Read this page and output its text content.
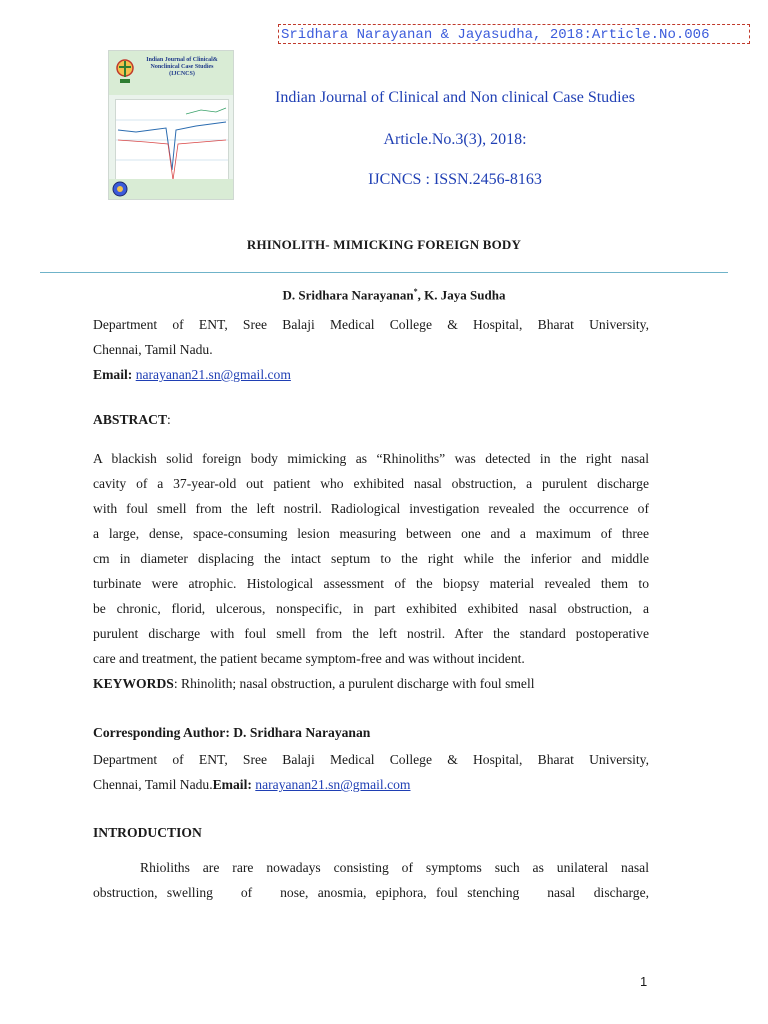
Sridhara Narayanan & Jayasudha, 2018:Article.No.006
Indian Journal of Clinical& Nonclinical Case Studies (IJCNCS)
Indian Journal of Clinical and Non clinical Case Studies
Article.No.3(3), 2018:
IJCNCS : ISSN.2456-8163
RHINOLITH- MIMICKING FOREIGN BODY
D. Sridhara Narayanan*, K. Jaya Sudha
Department of ENT, Sree Balaji Medical College & Hospital, Bharat University,
Chennai, Tamil Nadu.
Email: narayanan21.sn@gmail.com
ABSTRACT:
A blackish solid foreign body mimicking as “Rhinoliths” was detected in the right nasal
cavity of a 37-year-old out patient who exhibited nasal obstruction, a purulent discharge
with foul smell from the left nostril. Radiological investigation revealed the occurrence of
a large, dense, space-consuming lesion measuring between one and a maximum of three
cm in diameter displacing the intact septum to the right while the inferior and middle
turbinate were atrophic. Histological assessment of the biopsy material revealed them to
be chronic, florid, ulcerous, nonspecific, in part exhibited exhibited nasal obstruction, a
purulent discharge with foul smell from the left nostril. After the standard postoperative
care and treatment, the patient became symptom-free and was without incident.
KEYWORDS: Rhinolith; nasal obstruction, a purulent discharge with foul smell
Corresponding Author: D. Sridhara Narayanan
Department of ENT, Sree Balaji Medical College & Hospital, Bharat University,
Chennai, Tamil Nadu.Email: narayanan21.sn@gmail.com
INTRODUCTION
Rhioliths are rare nowadays consisting of symptoms such as unilateral nasal
obstruction, swelling   of   nose, anosmia, epiphora, foul stenching   nasal  discharge,
1
